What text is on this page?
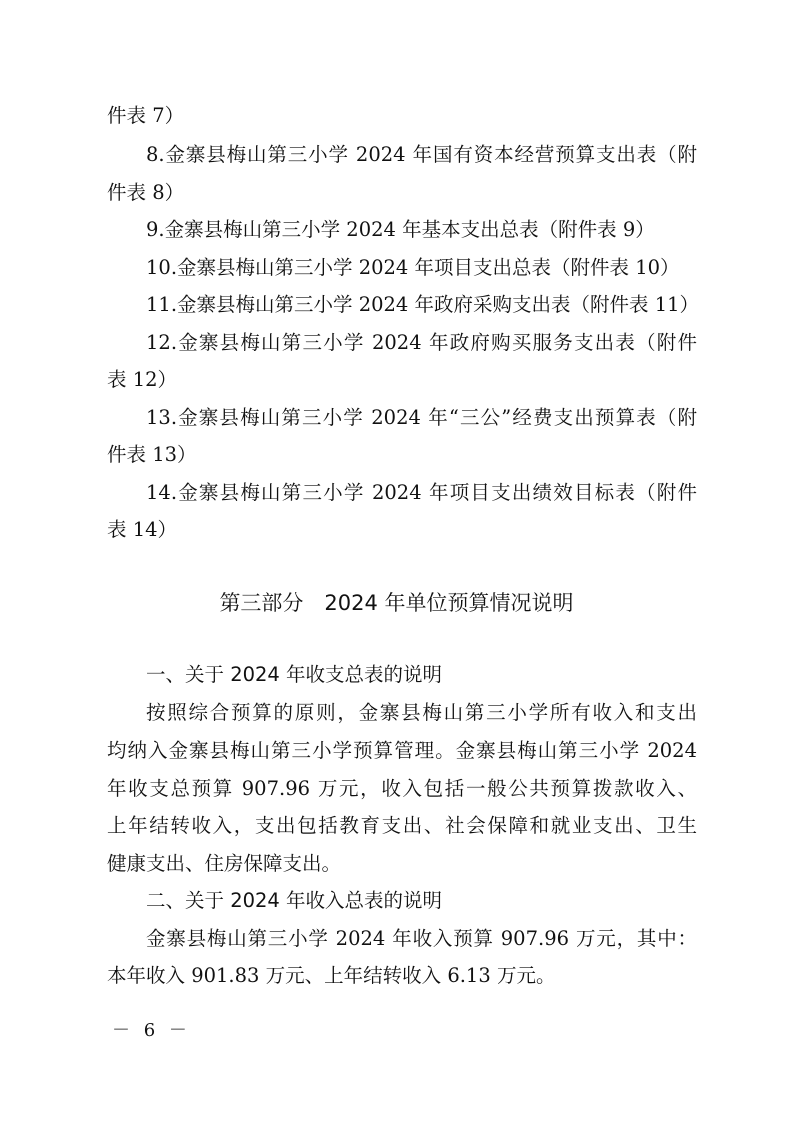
件表 7）
8.金寨县梅山第三小学 2024 年国有资本经营预算支出表（附
件表 8）
9.金寨县梅山第三小学 2024 年基本支出总表（附件表 9）
10.金寨县梅山第三小学 2024 年项目支出总表（附件表 10）
11.金寨县梅山第三小学 2024 年政府采购支出表（附件表 11）
12.金寨县梅山第三小学 2024 年政府购买服务支出表（附件
表 12）
13.金寨县梅山第三小学 2024 年“三公”经费支出预算表（附
件表 13）
14.金寨县梅山第三小学 2024 年项目支出绩效目标表（附件
表 14）
第三部分　2024 年单位预算情况说明
一、关于 2024 年收支总表的说明
按照综合预算的原则，金寨县梅山第三小学所有收入和支出
均纳入金寨县梅山第三小学预算管理。金寨县梅山第三小学 2024
年收支总预算 907.96 万元，收入包括一般公共预算拨款收入、
上年结转收入，支出包括教育支出、社会保障和就业支出、卫生
健康支出、住房保障支出。
二、关于 2024 年收入总表的说明
金寨县梅山第三小学 2024 年收入预算 907.96 万元，其中：
本年收入 901.83 万元、上年结转收入 6.13 万元。
－ 6 －
